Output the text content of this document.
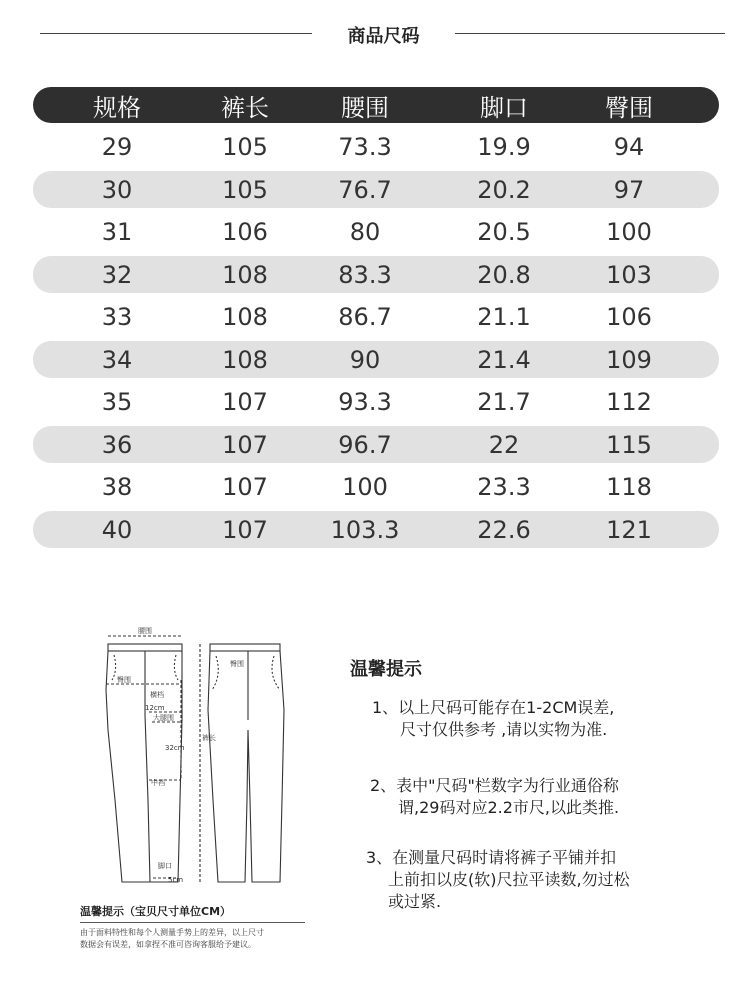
商品尺码
规格	裤长	腰围	脚口	臀围
29	105	73.3	19.9	94
30	105	76.7	20.2	97
31	106	80	20.5	100
32	108	83.3	20.8	103
33	108	86.7	21.1	106
34	108	90	21.4	109
35	107	93.3	21.7	112
36	107	96.7	22	115
38	107	100	23.3	118
40	107	103.3	22.6	121
腰围
臀围
横档
12cm
大腿围
32cm
中裆
裤长
臀围
脚口
5cm
温馨提示（宝贝尺寸单位CM）
由于面料特性和每个人测量手势上的差异，以上尺寸
数据会有误差，如拿捏不准可咨询客服给予建议。
温馨提示
1、以上尺码可能存在1-2CM误差,
尺寸仅供参考 ,请以实物为准.
2、表中"尺码"栏数字为行业通俗称
谓,29码对应2.2市尺,以此类推.
3、在测量尺码时请将裤子平铺并扣
上前扣以皮(软)尺拉平读数,勿过松
或过紧.
